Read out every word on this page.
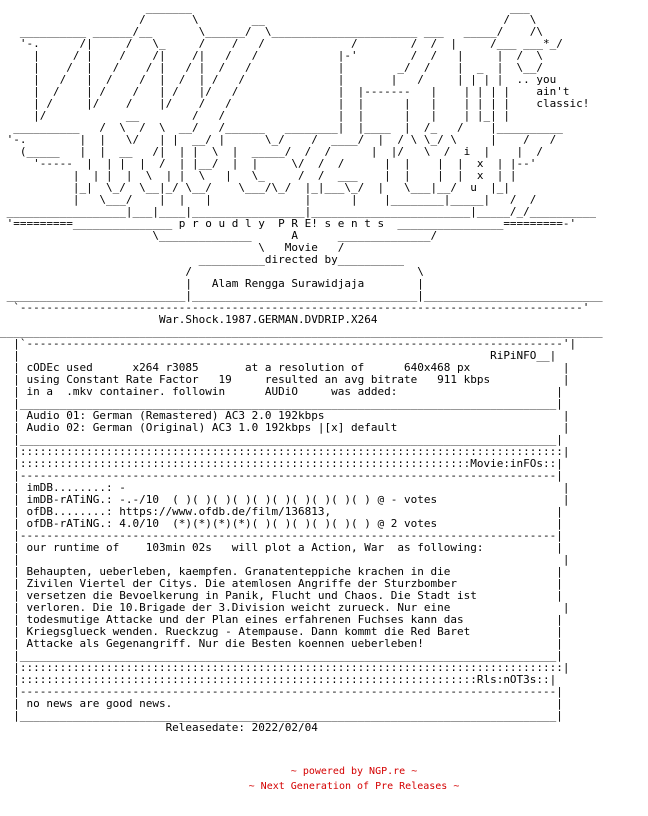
_______                                                ___
/       \        __                                    /   \
__________ ______/__       \______/  \______________________ ___   _____/    /\
'-.      /|     /   \_     /    /   /             /        /  /  |     /___ ___*_/
|     / |    /    /|    /|   /   /            |-'        /  /   |     |  /  \
|    /  |   /    / |   / |  /   /             |        _/  /    |  _  |  \__/
|   /   |  /    /  |  /  | /   /              |       |   /     | | | |  .. you
|  /    | /    /   | /   |/   /               |  |-------   |    | | | |    ain't
| /     |/    /    |/    /   /                |  |      |   |    | | | |    classic!
|/            __        /   /                 |  |      |   |    | |_| |
__________   /  \  /  \  __/   /______   ________|  |____  |  /_   /    |__________
'-.        |  |   \/   | |  __/ |      \_/    /  ____/  |  / \ \_/ \     |    /   /
(_____   |  |  __   /|  | |  \  |  _____/  /  /      |  |/   \  /  i  |    |  /
'-----  |  | |  |  /  | |__/  |  |     \/  /  /      |  |    |  |  x  | |--'
|  | |  |  \  | |  \   |   \_     /  /  ___    |  |    |  |  x  | |
|_|  \_/  \__|_/ \__/    \___/\_/  |_|___\_/  |   \___|__/  u  |_|
|   \___/    |  |   |              |      |    |________|_____|   /  /
__________________|___|____|_________________|________________________|_____/_/__________
'=========_______________ p r o u d l y  P R E! s e n t s  ________________=========-'
\______________      A      ______________/
\   Movie   /
__________directed by__________
/                                  \
|   Alam Rengga Surawidjaja        |
___________________________|__________________________________|___________________________
`-------------------------------------------------------------------------------------'
War.Shock.1987.GERMAN.DVDRIP.X264
___________________________________________________________________________________________
|`---------------------------------------------------------------------------------'|
|                                                                       RiPiNFO__|
| cODEc used      x264 r3085       at a resolution of      640x468 px              |
| using Constant Rate Factor   19     resulted an avg bitrate   911 kbps           |
| in a  .mkv container. followin      AUDiO     was added:                        |
|_________________________________________________________________________________|
| Audio 01: German (Remastered) AC3 2.0 192kbps                                    |
| Audio 02: German (Original) AC3 1.0 192kbps |[x] default                         |
|_________________________________________________________________________________|
|::::::::::::::::::::::::::::::::::::::::::::::::::::::::::::::::::::::::::::::::::|
|::::::::::::::::::::::::::::::::::::::::::::::::::::::::::::::::::::Movie:inFOs::|
|---------------------------------------------------------------------------------|
| imDB........: -                                                                  |
| imDB-rATiNG.: -.-/10  ( )( )( )( )( )( )( )( )( )( ) @ - votes                   |
| ofDB........: https://www.ofdb.de/film/136813,                                  |
| ofDB-rATiNG.: 4.0/10  (*)(*)(*)(*)( )( )( )( )( )( ) @ 2 votes                  |
|---------------------------------------------------------------------------------|
| our runtime of    103min 02s   will plot a Action, War  as following:           |
|                                                                                  |
| Behaupten, ueberleben, kaempfen. Granatenteppiche krachen in die                |
| Zivilen Viertel der Citys. Die atemlosen Angriffe der Sturzbomber               |
| versetzen die Bevoelkerung in Panik, Flucht und Chaos. Die Stadt ist            |
| verloren. Die 10.Brigade der 3.Division weicht zurueck. Nur eine                 |
| todesmutige Attacke und der Plan eines erfahrenen Fuchses kann das              |
| Kriegsglueck wenden. Rueckzug - Atempause. Dann kommt die Red Baret             |
| Attacke als Gegenangriff. Nur die Besten koennen ueberleben!                    |
|_________________________________________________________________________________|
|::::::::::::::::::::::::::::::::::::::::::::::::::::::::::::::::::::::::::::::::::|
|:::::::::::::::::::::::::::::::::::::::::::::::::::::::::::::::::::::Rls:nOT3s::|
|---------------------------------------------------------------------------------|
| no news are good news.                                                          |
|_________________________________________________________________________________|
Releasedate: 2022/02/04
~ powered by NGP.re ~
~ Next Generation of Pre Releases ~
